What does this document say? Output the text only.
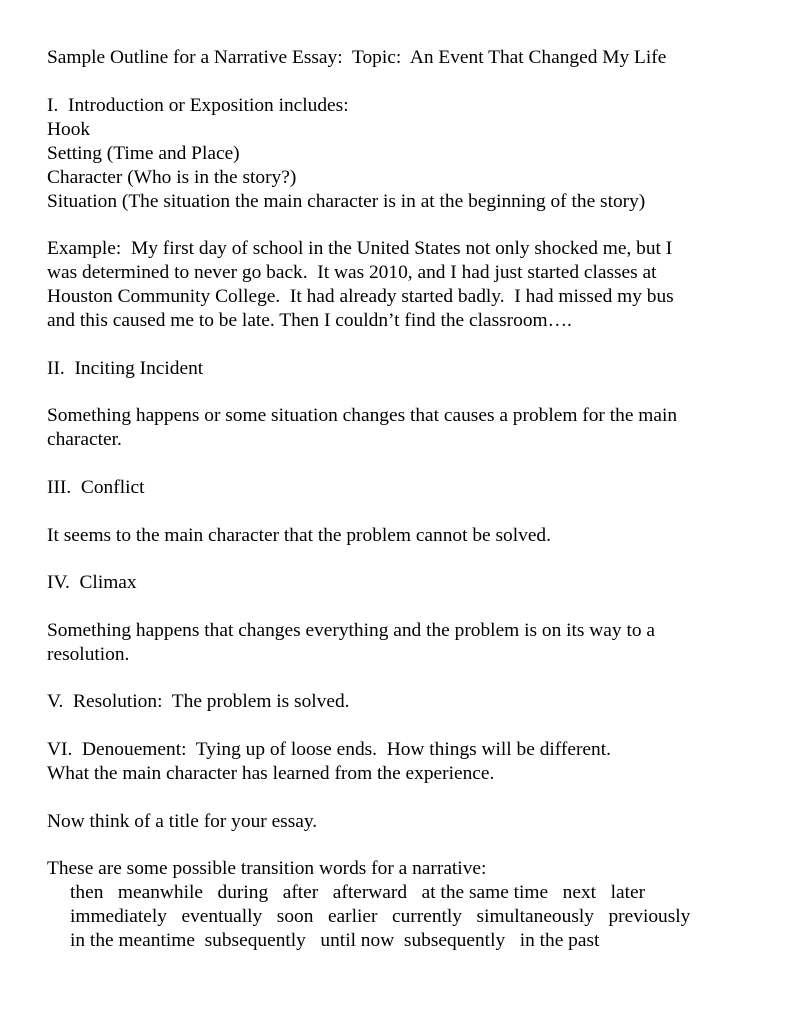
Sample Outline for a Narrative Essay:  Topic:  An Event That Changed My Life
I.  Introduction or Exposition includes:
Hook
Setting (Time and Place)
Character (Who is in the story?)
Situation (The situation the main character is in at the beginning of the story)
Example:  My first day of school in the United States not only shocked me, but I
was determined to never go back.  It was 2010, and I had just started classes at
Houston Community College.  It had already started badly.  I had missed my bus
and this caused me to be late. Then I couldn’t find the classroom….
II.  Inciting Incident
Something happens or some situation changes that causes a problem for the main
character.
III.  Conflict
It seems to the main character that the problem cannot be solved.
IV.  Climax
Something happens that changes everything and the problem is on its way to a
resolution.
V.  Resolution:  The problem is solved.
VI.  Denouement:  Tying up of loose ends.  How things will be different.
What the main character has learned from the experience.
Now think of a title for your essay.
These are some possible transition words for a narrative:
then   meanwhile   during   after   afterward   at the same time   next   later
immediately   eventually   soon   earlier   currently   simultaneously   previously
in the meantime  subsequently   until now  subsequently   in the past
